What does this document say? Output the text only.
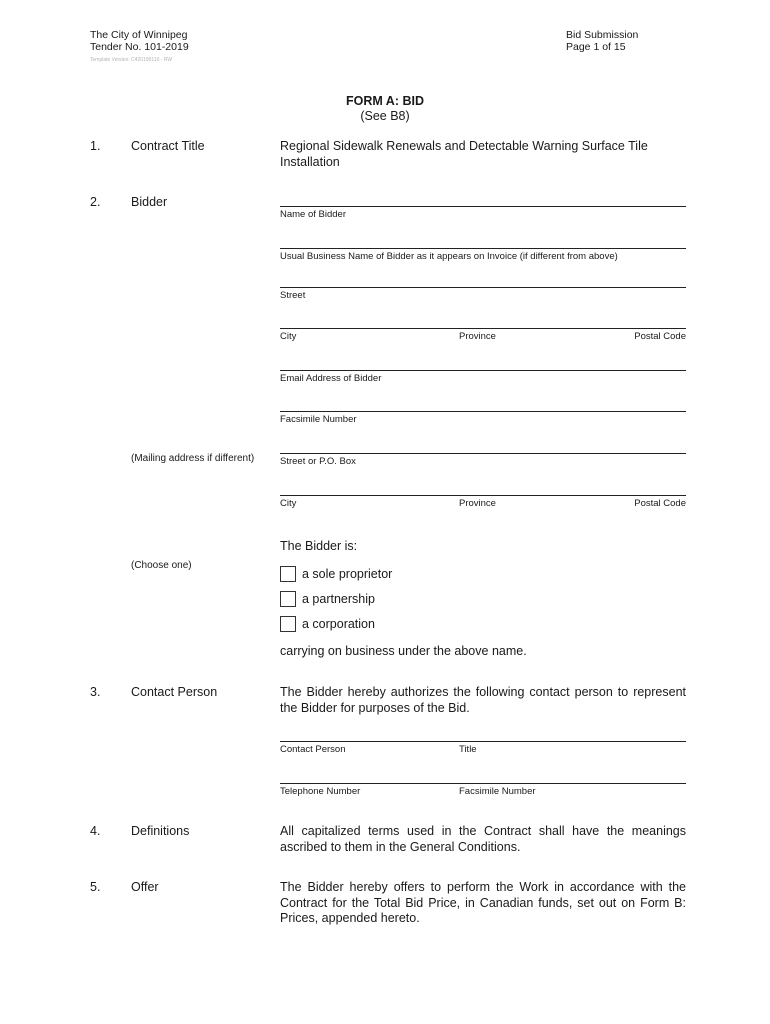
The City of Winnipeg
Tender No. 101-2019
Template Version: C420190110 - RW
Bid Submission
Page 1 of 15
FORM A: BID
(See B8)
1. Contract Title	Regional Sidewalk Renewals and Detectable Warning Surface Tile Installation
2. Bidder
Name of Bidder
Usual Business Name of Bidder as it appears on Invoice (if different from above)
Street
City	Province	Postal Code
Email Address of Bidder
Facsimile Number
(Mailing address if different)	Street or P.O. Box
City	Province	Postal Code
The Bidder is:
(Choose one)
a sole proprietor
a partnership
a corporation
carrying on business under the above name.
3. Contact Person	The Bidder hereby authorizes the following contact person to represent the Bidder for purposes of the Bid.
Contact Person	Title
Telephone Number	Facsimile Number
4. Definitions	All capitalized terms used in the Contract shall have the meanings ascribed to them in the General Conditions.
5. Offer	The Bidder hereby offers to perform the Work in accordance with the Contract for the Total Bid Price, in Canadian funds, set out on Form B: Prices, appended hereto.
